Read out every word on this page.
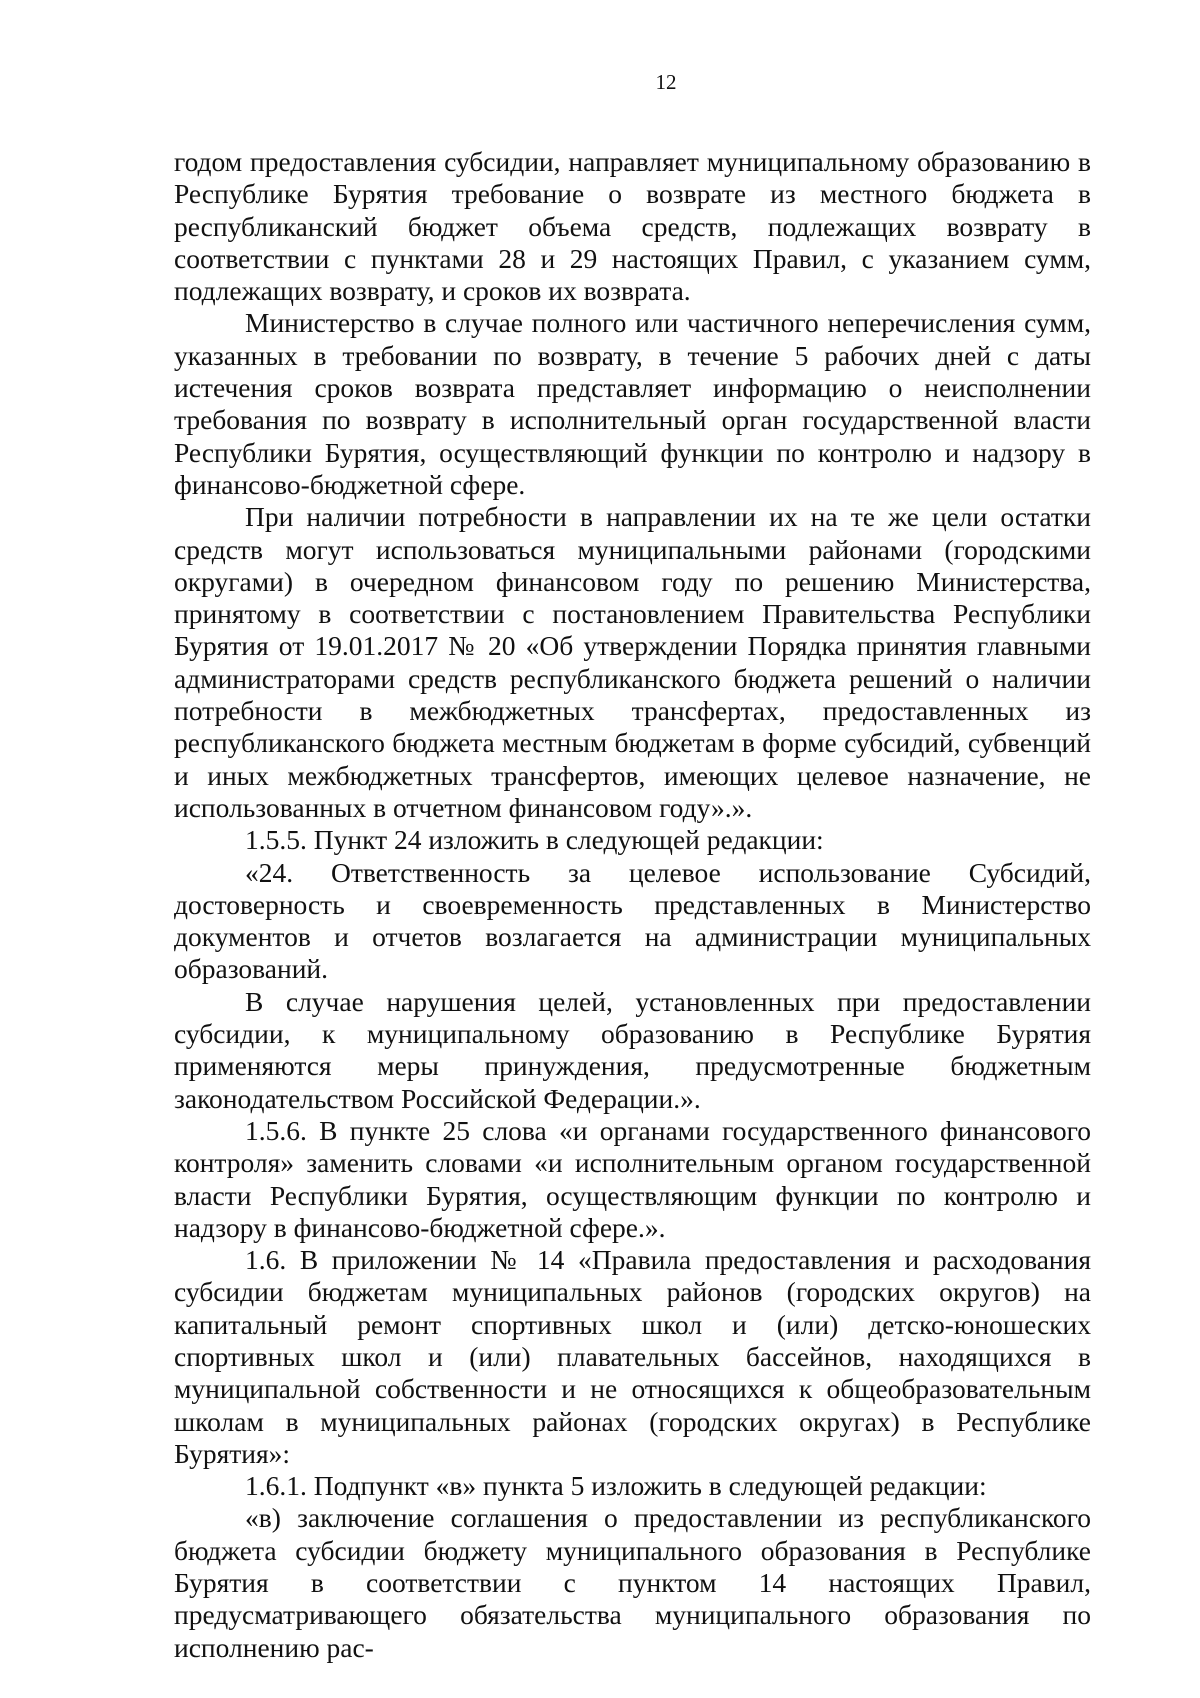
12

годом предоставления субсидии, направляет муниципальному образованию в Республике Бурятия требование о возврате из местного бюджета в республиканский бюджет объема средств, подлежащих возврату в соответствии с пунктами 28 и 29 настоящих Правил, с указанием сумм, подлежащих возврату, и сроков их возврата.

Министерство в случае полного или частичного неперечисления сумм, указанных в требовании по возврату, в течение 5 рабочих дней с даты истечения сроков возврата представляет информацию о неисполнении требования по возврату в исполнительный орган государственной власти Республики Бурятия, осуществляющий функции по контролю и надзору в финансово-бюджетной сфере.

При наличии потребности в направлении их на те же цели остатки средств могут использоваться муниципальными районами (городскими округами) в очередном финансовом году по решению Министерства, принятому в соответствии с постановлением Правительства Республики Бурятия от 19.01.2017 № 20 «Об утверждении Порядка принятия главными администраторами средств республиканского бюджета решений о наличии потребности в межбюджетных трансфертах, предоставленных из республиканского бюджета местным бюджетам в форме субсидий, субвенций и иных межбюджетных трансфертов, имеющих целевое назначение, не использованных в отчетном финансовом году».».

1.5.5. Пункт 24 изложить в следующей редакции:

«24. Ответственность за целевое использование Субсидий, достоверность и своевременность представленных в Министерство документов и отчетов возлагается на администрации муниципальных образований.

В случае нарушения целей, установленных при предоставлении субсидии, к муниципальному образованию в Республике Бурятия применяются меры принуждения, предусмотренные бюджетным законодательством Российской Федерации.».

1.5.6. В пункте 25 слова «и органами государственного финансового контроля» заменить словами «и исполнительным органом государственной власти Республики Бурятия, осуществляющим функции по контролю и надзору в финансово-бюджетной сфере.».

1.6. В приложении № 14 «Правила предоставления и расходования субсидии бюджетам муниципальных районов (городских округов) на капитальный ремонт спортивных школ и (или) детско-юношеских спортивных школ и (или) плавательных бассейнов, находящихся в муниципальной собственности и не относящихся к общеобразовательным школам в муниципальных районах (городских округах) в Республике Бурятия»:

1.6.1. Подпункт «в» пункта 5 изложить в следующей редакции:

«в) заключение соглашения о предоставлении из республиканского бюджета субсидии бюджету муниципального образования в Республике Бурятия в соответствии с пунктом 14 настоящих Правил, предусматривающего обязательства муниципального образования по исполнению рас-
